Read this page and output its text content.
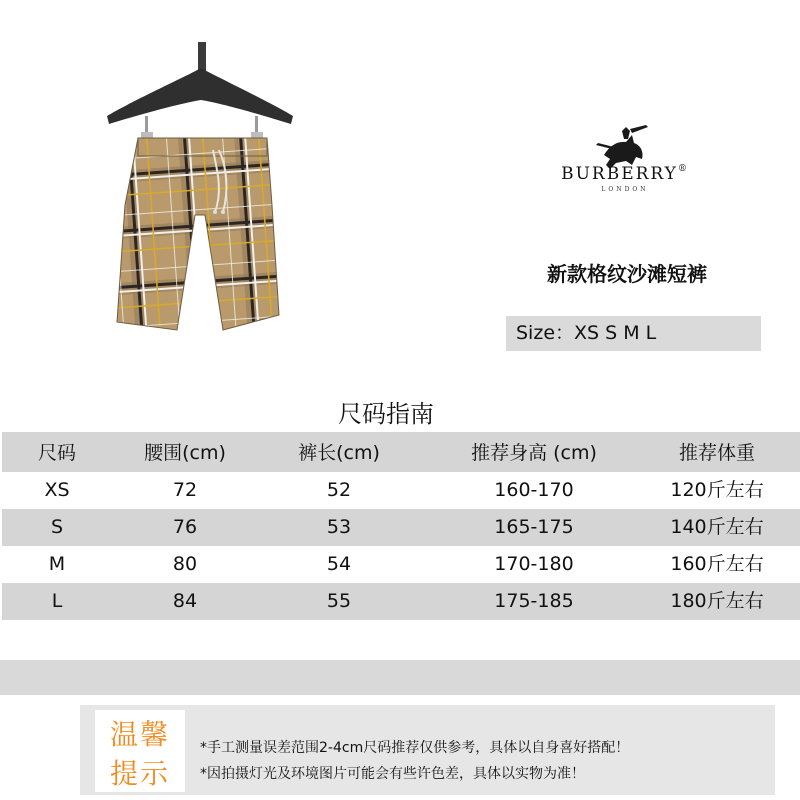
BURBERRY®
LONDON
新款格纹沙滩短裤
Size：XS S M L
尺码指南
尺码	腰围(cm)	裤长(cm)	推荐身高 (cm)	推荐体重
XS	72	52	160-170	120斤左右
S	76	53	165-175	140斤左右
M	80	54	170-180	160斤左右
L	84	55	175-185	180斤左右
温馨
提示
*手工测量误差范围2-4cm尺码推荐仅供参考，具体以自身喜好搭配！
*因拍摄灯光及环境图片可能会有些许色差，具体以实物为准！
